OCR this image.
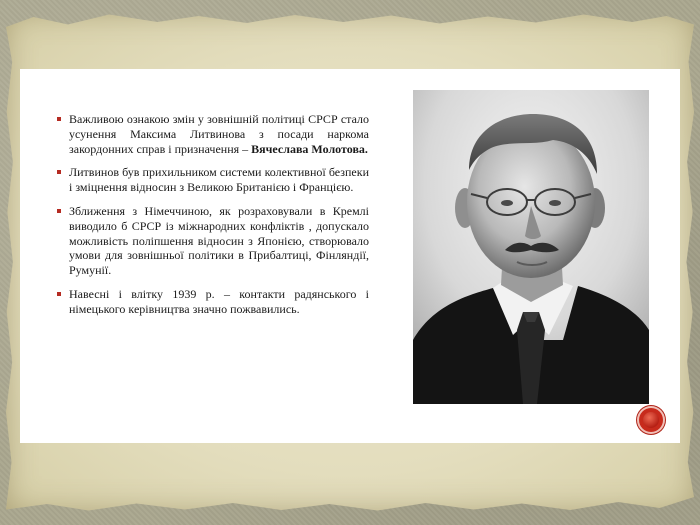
Важливою ознакою змін у зовнішній політиці СРСР стало усунення Максима Литвинова з посади наркома закордонних справ і призначення – Вячеслава Молотова.
Литвинов був прихильником системи колективної безпеки і зміцнення відносин з Великою Британією і Францією.
Зближення з Німеччиною, як розраховували в Кремлі виводило б СРСР із міжнародних конфліктів , допускало можливість поліпшення відносин з Японією, створювало умови для зовнішньої політики в Прибалтиці, Фінляндії, Румунії.
Навесні і влітку 1939 р. – контакти радянського і німецького керівництва значно пожвавились.
